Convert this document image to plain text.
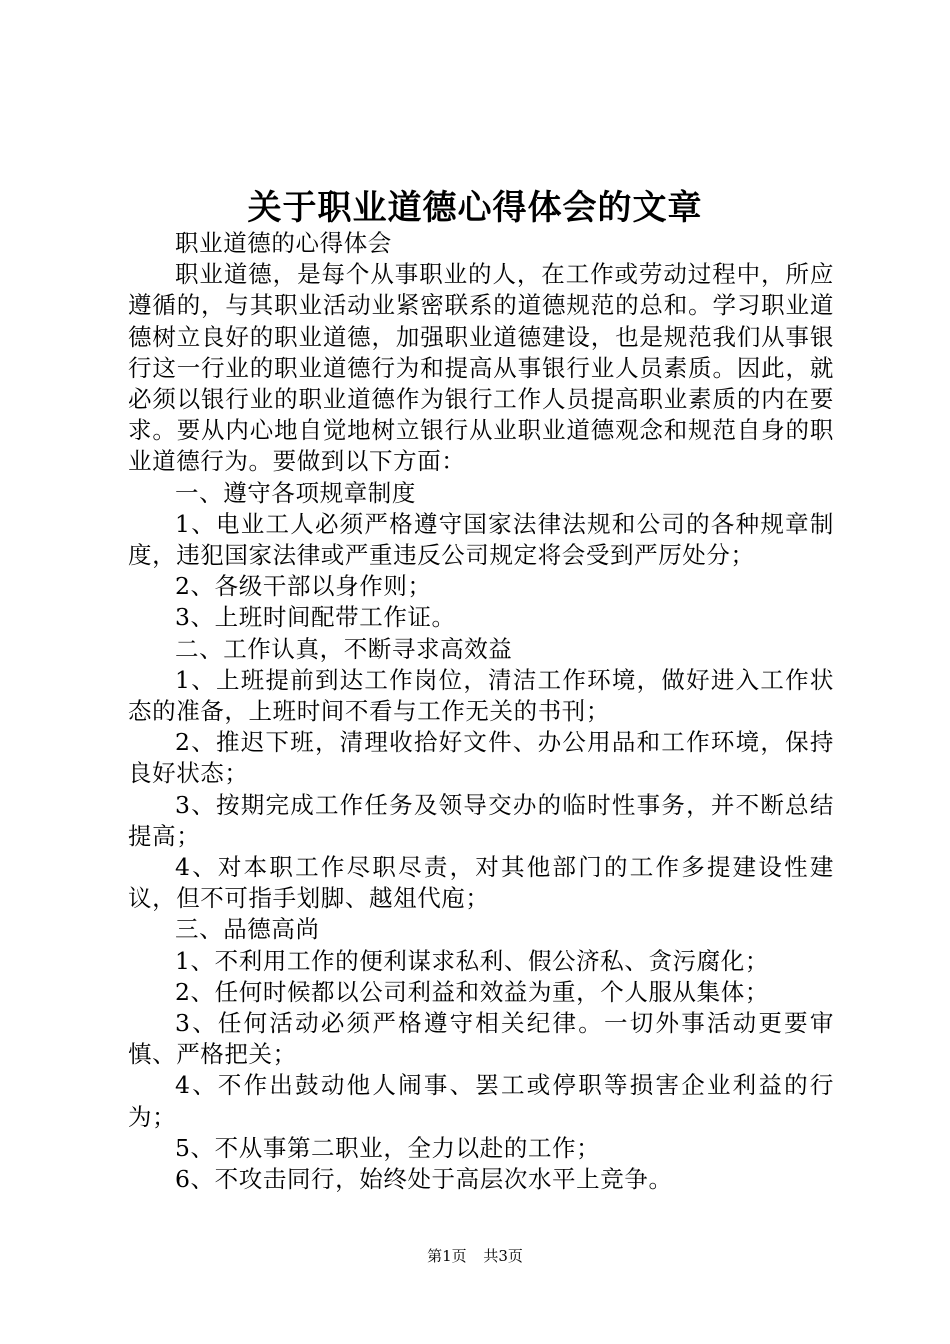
关于职业道德心得体会的文章

职业道德的心得体会

职业道德，是每个从事职业的人，在工作或劳动过程中，所应遵循的，与其职业活动业紧密联系的道德规范的总和。学习职业道德树立良好的职业道德，加强职业道德建设，也是规范我们从事银行这一行业的职业道德行为和提高从事银行业人员素质。因此，就必须以银行业的职业道德作为银行工作人员提高职业素质的内在要求。要从内心地自觉地树立银行从业职业道德观念和规范自身的职业道德行为。要做到以下方面：

一、遵守各项规章制度

1、电业工人必须严格遵守国家法律法规和公司的各种规章制度，违犯国家法律或严重违反公司规定将会受到严厉处分；

2、各级干部以身作则；

3、上班时间配带工作证。

二、工作认真，不断寻求高效益

1、上班提前到达工作岗位，清洁工作环境，做好进入工作状态的准备，上班时间不看与工作无关的书刊；

2、推迟下班，清理收拾好文件、办公用品和工作环境，保持良好状态；

3、按期完成工作任务及领导交办的临时性事务，并不断总结提高；

4、对本职工作尽职尽责，对其他部门的工作多提建设性建议，但不可指手划脚、越俎代庖；

三、品德高尚

1、不利用工作的便利谋求私利、假公济私、贪污腐化；

2、任何时候都以公司利益和效益为重，个人服从集体；

3、任何活动必须严格遵守相关纪律。一切外事活动更要审慎、严格把关；

4、不作出鼓动他人闹事、罢工或停职等损害企业利益的行为；

5、不从事第二职业，全力以赴的工作；

6、不攻击同行，始终处于高层次水平上竞争。

第1页 共3页
